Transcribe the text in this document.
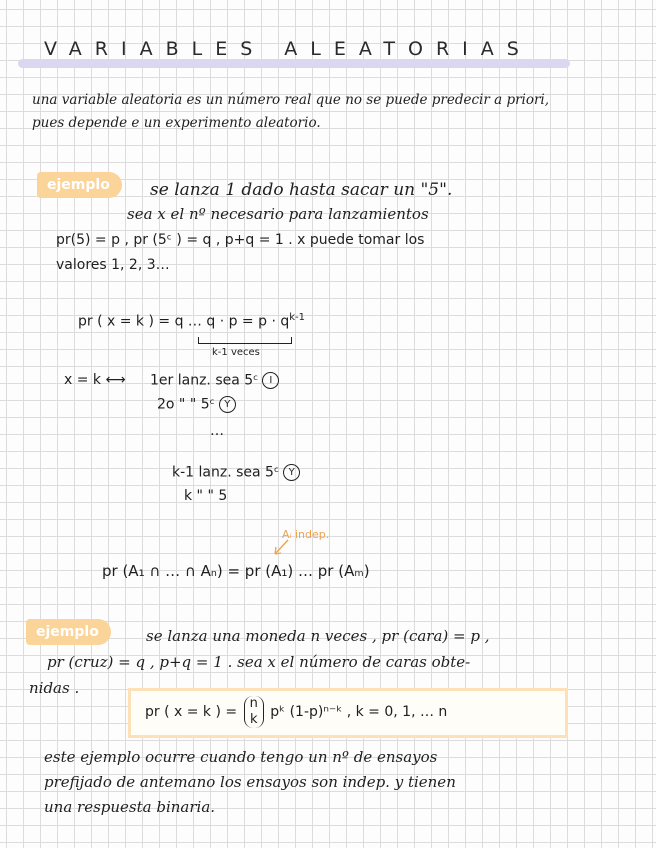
VARIABLES ALEATORIAS
una variable aleatoria es un número real que no se puede predecir a priori,
pues depende e un experimento aleatorio.
ejemplo	se lanza 1 dado hasta sacar un "5".
sea x el nº necesario para lanzamientos
pr(5) = p , pr (5ᶜ ) = q , p+q = 1 . x puede tomar los
valores 1, 2, 3…
pr ( x = k ) = q … $q \cdot p = p \cdot q^{k-1}$
k-1 veces
x = k ⟷ 1er lanz. sea 5ᶜ I
2o " " 5ᶜ Y
…
k-1 lanz. sea 5ᶜ Y
k " " 5
Aᵢ indep.
pr (A₁ ∩ … ∩ Aₙ) = pr (A₁) … pr (Aₘ)
ejemplo	se lanza una moneda n veces , pr (cara) = p ,
pr (cruz) = q , p+q = 1 . sea x el número de caras obte-
nidas .
pr ( x = k ) =
n
k pᵏ (1-p)ⁿ⁻ᵏ , k = 0, 1, … n
este ejemplo ocurre cuando tengo un nº de ensayos
prefijado de antemano los ensayos son indep. y tienen
una respuesta binaria.
